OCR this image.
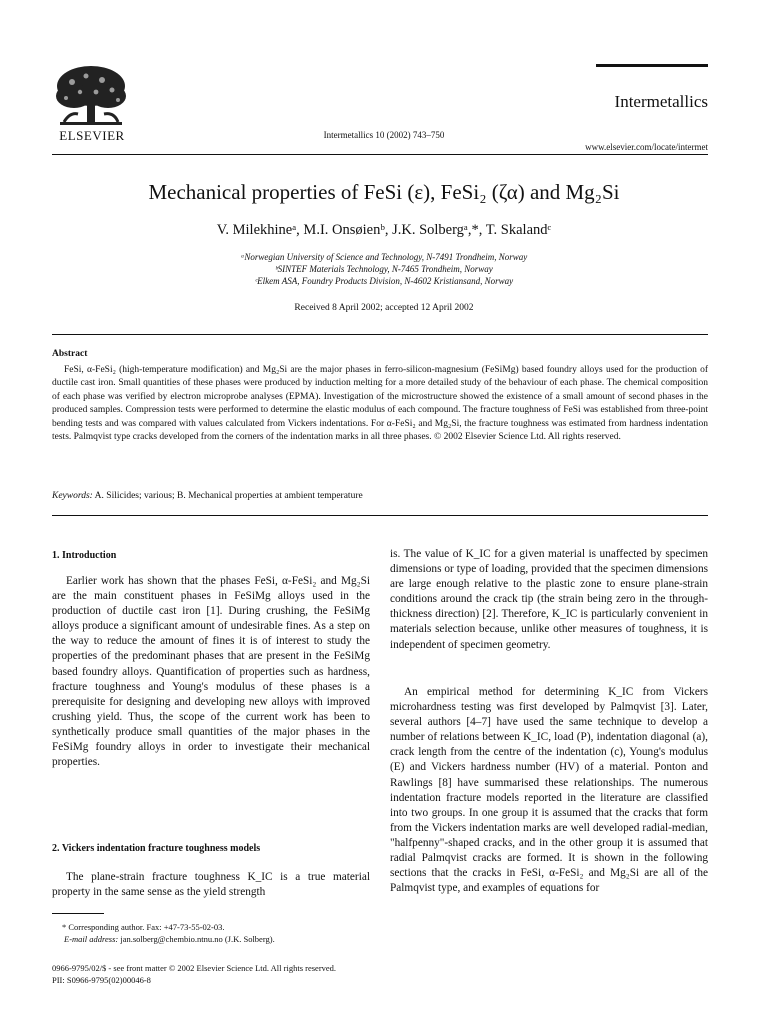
ELSEVIER
Intermetallics
Intermetallics 10 (2002) 743–750
www.elsevier.com/locate/intermet
Mechanical properties of FeSi (ε), FeSi₂ (ζα) and Mg₂Si
V. Milekhineᵃ, M.I. Onsøienᵇ, J.K. Solbergᵃ,*, T. Skalandᶜ
ᵃNorwegian University of Science and Technology, N-7491 Trondheim, Norway
ᵇSINTEF Materials Technology, N-7465 Trondheim, Norway
ᶜElkem ASA, Foundry Products Division, N-4602 Kristiansand, Norway
Received 8 April 2002; accepted 12 April 2002
Abstract
FeSi, α-FeSi₂ (high-temperature modification) and Mg₂Si are the major phases in ferro-silicon-magnesium (FeSiMg) based foundry alloys used for the production of ductile cast iron. Small quantities of these phases were produced by induction melting for a more detailed study of the behaviour of each phase. The chemical composition of each phase was verified by electron microprobe analyses (EPMA). Investigation of the microstructure showed the existence of a small amount of second phases in the produced samples. Compression tests were performed to determine the elastic modulus of each compound. The fracture toughness of FeSi was established from three-point bending tests and was compared with values calculated from Vickers indentations. For α-FeSi₂ and Mg₂Si, the fracture toughness was estimated from hardness indentation tests. Palmqvist type cracks developed from the corners of the indentation marks in all three phases. © 2002 Elsevier Science Ltd. All rights reserved.
Keywords: A. Silicides; various; B. Mechanical properties at ambient temperature
1. Introduction
Earlier work has shown that the phases FeSi, α-FeSi₂ and Mg₂Si are the main constituent phases in FeSiMg alloys used in the production of ductile cast iron [1]. During crushing, the FeSiMg alloys produce a significant amount of undesirable fines. As a step on the way to reduce the amount of fines it is of interest to study the properties of the predominant phases that are present in the FeSiMg based foundry alloys. Quantification of properties such as hardness, fracture toughness and Young's modulus of these phases is a prerequisite for designing and developing new alloys with improved crushing yield. Thus, the scope of the current work has been to synthetically produce small quantities of the major phases in the FeSiMg foundry alloys in order to investigate their mechanical properties.
2. Vickers indentation fracture toughness models
The plane-strain fracture toughness K_IC is a true material property in the same sense as the yield strength
* Corresponding author. Fax: +47-73-55-02-03.
E-mail address: jan.solberg@chembio.ntnu.no (J.K. Solberg).
is. The value of K_IC for a given material is unaffected by specimen dimensions or type of loading, provided that the specimen dimensions are large enough relative to the plastic zone to ensure plane-strain conditions around the crack tip (the strain being zero in the through-thickness direction) [2]. Therefore, K_IC is particularly convenient in materials selection because, unlike other measures of toughness, it is independent of specimen geometry.
An empirical method for determining K_IC from Vickers microhardness testing was first developed by Palmqvist [3]. Later, several authors [4–7] have used the same technique to develop a number of relations between K_IC, load (P), indentation diagonal (a), crack length from the centre of the indentation (c), Young's modulus (E) and Vickers hardness number (HV) of a material. Ponton and Rawlings [8] have summarised these relationships. The numerous indentation fracture models reported in the literature are classified into two groups. In one group it is assumed that the cracks that form from the Vickers indentation marks are well developed radial-median, "halfpenny"-shaped cracks, and in the other group it is assumed that radial Palmqvist cracks are formed. It is shown in the following sections that the cracks in FeSi, α-FeSi₂ and Mg₂Si are all of the Palmqvist type, and examples of equations for
0966-9795/02/$ - see front matter © 2002 Elsevier Science Ltd. All rights reserved.
PII: S0966-9795(02)00046-8
